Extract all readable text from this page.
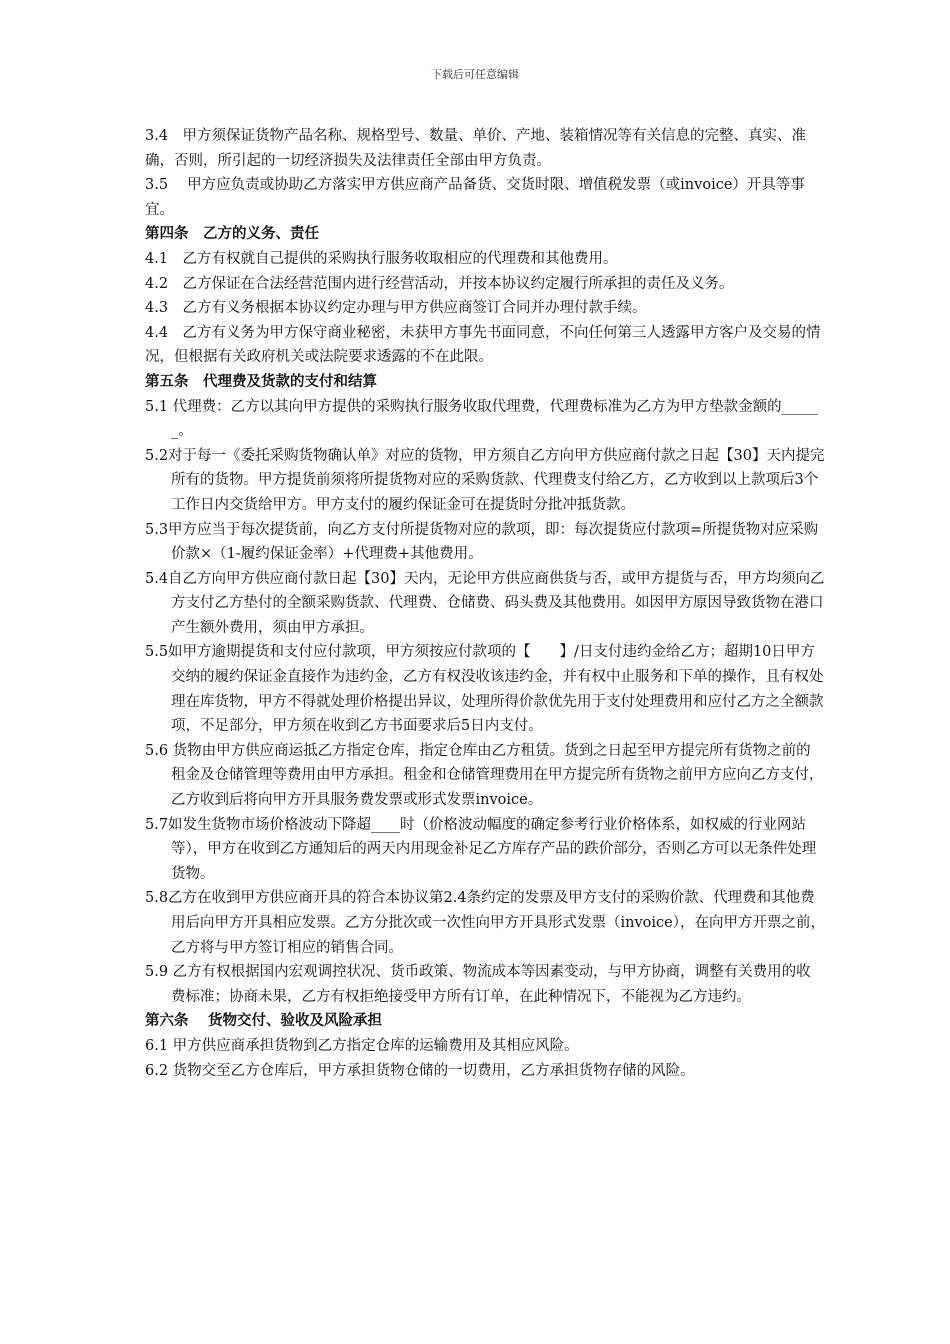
下载后可任意编辑

3.4　甲方须保证货物产品名称、规格型号、数量、单价、产地、装箱情况等有关信息的完整、真实、准确，否则，所引起的一切经济损失及法律责任全部由甲方负责。

3.5　 甲方应负责或协助乙方落实甲方供应商产品备货、交货时限、增值税发票（或invoice）开具等事宜。

第四条　乙方的义务、责任

4.1　乙方有权就自己提供的采购执行服务收取相应的代理费和其他费用。

4.2　乙方保证在合法经营范围内进行经营活动，并按本协议约定履行所承担的责任及义务。

4.3　乙方有义务根据本协议约定办理与甲方供应商签订合同并办理付款手续。

4.4　乙方有义务为甲方保守商业秘密，未获甲方事先书面同意，不向任何第三人透露甲方客户及交易的情况，但根据有关政府机关或法院要求透露的不在此限。

第五条　代理费及货款的支付和结算

5.1 代理费：乙方以其向甲方提供的采购执行服务收取代理费，代理费标准为乙方为甲方垫款金额的______。

5.2对于每一《委托采购货物确认单》对应的货物，甲方须自乙方向甲方供应商付款之日起【30】天内提完所有的货物。甲方提货前须将所提货物对应的采购货款、代理费支付给乙方，乙方收到以上款项后3个工作日内交货给甲方。甲方支付的履约保证金可在提货时分批冲抵货款。

5.3甲方应当于每次提货前，向乙方支付所提货物对应的款项，即：每次提货应付款项=所提货物对应采购价款×（1-履约保证金率）+代理费+其他费用。

5.4自乙方向甲方供应商付款日起【30】天内，无论甲方供应商供货与否，或甲方提货与否，甲方均须向乙方支付乙方垫付的全额采购货款、代理费、仓储费、码头费及其他费用。如因甲方原因导致货物在港口产生额外费用，须由甲方承担。

5.5如甲方逾期提货和支付应付款项，甲方须按应付款项的【　　】/日支付违约金给乙方；超期10日甲方交纳的履约保证金直接作为违约金，乙方有权没收该违约金，并有权中止服务和下单的操作，且有权处理在库货物，甲方不得就处理价格提出异议，处理所得价款优先用于支付处理费用和应付乙方之全额款项，不足部分，甲方须在收到乙方书面要求后5日内支付。

5.6 货物由甲方供应商运抵乙方指定仓库，指定仓库由乙方租赁。货到之日起至甲方提完所有货物之前的租金及仓储管理等费用由甲方承担。租金和仓储管理费用在甲方提完所有货物之前甲方应向乙方支付，乙方收到后将向甲方开具服务费发票或形式发票invoice。

5.7如发生货物市场价格波动下降超____时（价格波动幅度的确定参考行业价格体系，如权威的行业网站等），甲方在收到乙方通知后的两天内用现金补足乙方库存产品的跌价部分，否则乙方可以无条件处理货物。

5.8乙方在收到甲方供应商开具的符合本协议第2.4条约定的发票及甲方支付的采购价款、代理费和其他费用后向甲方开具相应发票。乙方分批次或一次性向甲方开具形式发票（invoice），在向甲方开票之前，乙方将与甲方签订相应的销售合同。

5.9 乙方有权根据国内宏观调控状况、货币政策、物流成本等因素变动，与甲方协商，调整有关费用的收费标准；协商未果，乙方有权拒绝接受甲方所有订单，在此种情况下，不能视为乙方违约。

第六条　 货物交付、验收及风险承担

6.1 甲方供应商承担货物到乙方指定仓库的运输费用及其相应风险。

6.2 货物交至乙方仓库后，甲方承担货物仓储的一切费用，乙方承担货物存储的风险。
